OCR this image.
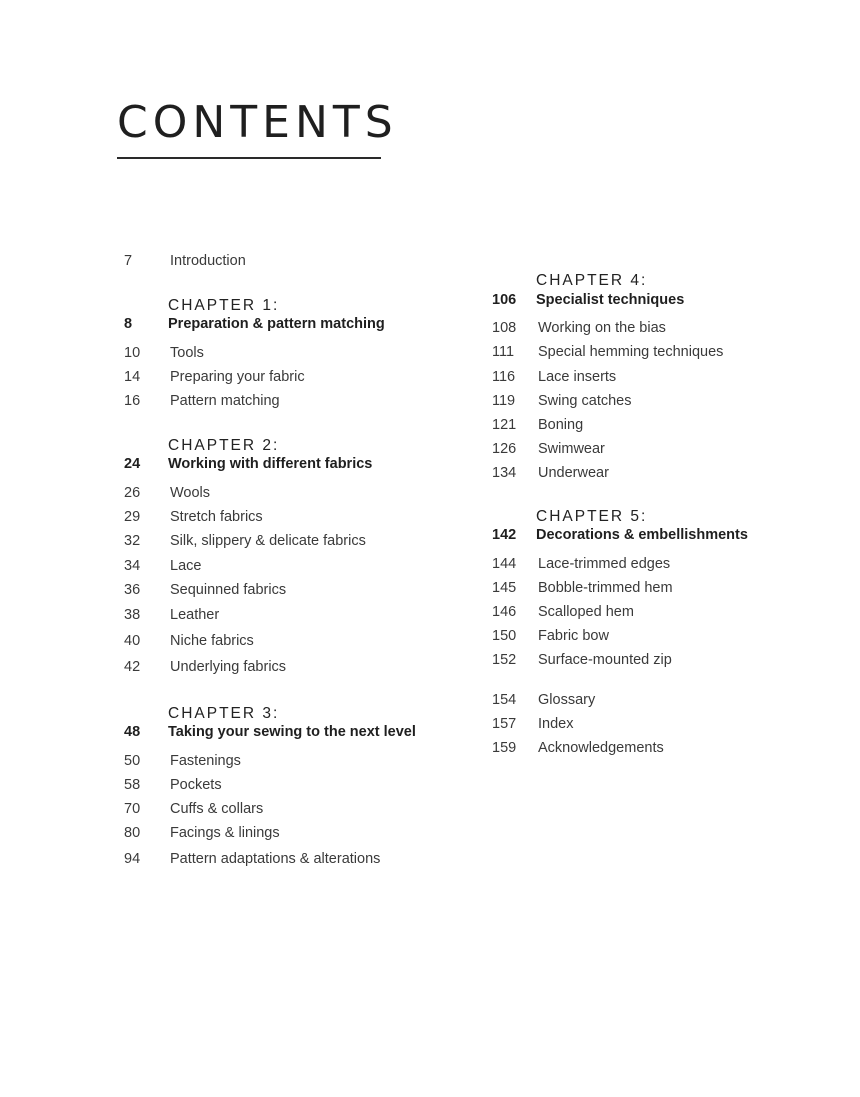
CONTENTS
7	Introduction
CHAPTER 1:
8 Preparation & pattern matching
10 Tools
14 Preparing your fabric
16 Pattern matching
CHAPTER 2:
24 Working with different fabrics
26 Wools
29 Stretch fabrics
32 Silk, slippery & delicate fabrics
34 Lace
36 Sequinned fabrics
38 Leather
40 Niche fabrics
42 Underlying fabrics
CHAPTER 3:
48 Taking your sewing to the next level
50 Fastenings
58 Pockets
70 Cuffs & collars
80 Facings & linings
94 Pattern adaptations & alterations
CHAPTER 4:
106 Specialist techniques
108 Working on the bias
111 Special hemming techniques
116 Lace inserts
119 Swing catches
121 Boning
126 Swimwear
134 Underwear
CHAPTER 5:
142 Decorations & embellishments
144 Lace-trimmed edges
145 Bobble-trimmed hem
146 Scalloped hem
150 Fabric bow
152 Surface-mounted zip
154 Glossary
157 Index
159 Acknowledgements
